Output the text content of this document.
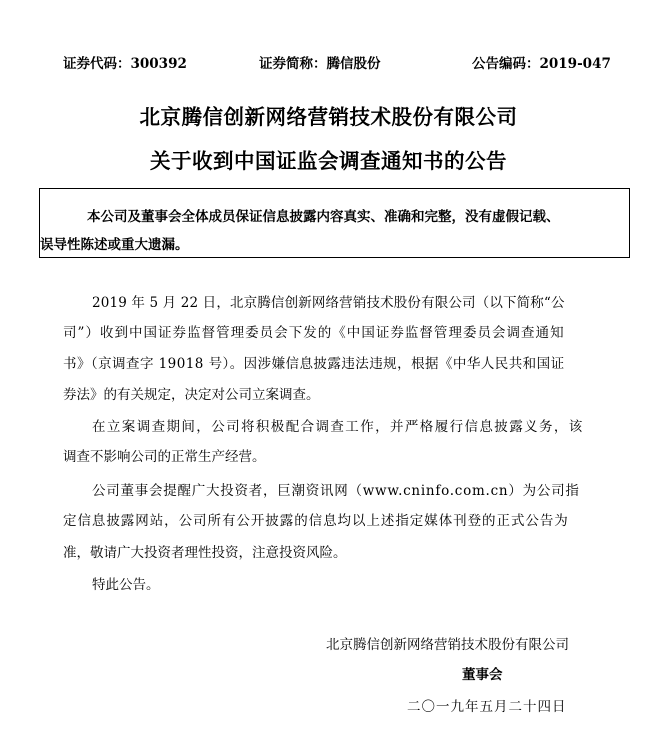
证券代码：300392	证券简称：腾信股份	公告编码：2019-047
北京腾信创新网络营销技术股份有限公司
关于收到中国证监会调查通知书的公告
本公司及董事会全体成员保证信息披露内容真实、准确和完整，没有虚假记载、
误导性陈述或重大遗漏。
2019 年 5 月 22 日，北京腾信创新网络营销技术股份有限公司（以下简称“公
司”）收到中国证券监督管理委员会下发的《中国证券监督管理委员会调查通知
书》（京调查字 19018 号）。因涉嫌信息披露违法违规，根据《中华人民共和国证
券法》的有关规定，决定对公司立案调查。
在立案调查期间，公司将积极配合调查工作，并严格履行信息披露义务，该
调查不影响公司的正常生产经营。
公司董事会提醒广大投资者，巨潮资讯网（www.cninfo.com.cn）为公司指
定信息披露网站，公司所有公开披露的信息均以上述指定媒体刊登的正式公告为
准，敬请广大投资者理性投资，注意投资风险。
特此公告。
北京腾信创新网络营销技术股份有限公司
董事会
二〇一九年五月二十四日
